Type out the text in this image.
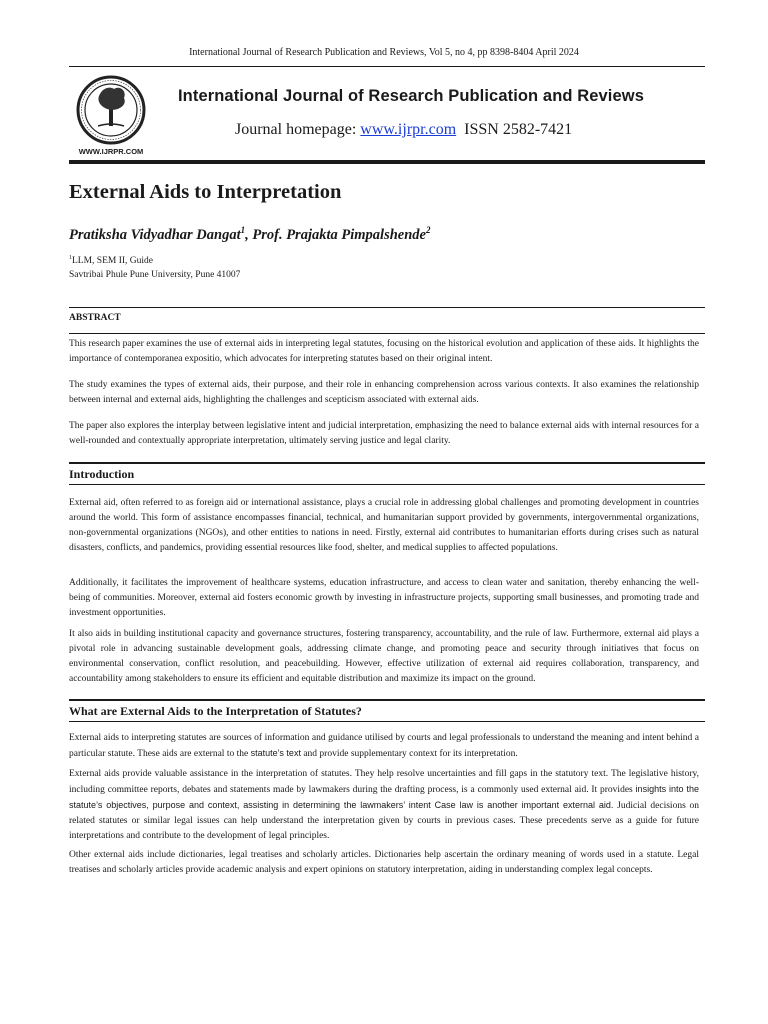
International Journal of Research Publication and Reviews, Vol 5, no 4, pp 8398-8404 April 2024
WWW.IJRPR.COM
International Journal of Research Publication and Reviews
Journal homepage: www.ijrpr.com ISSN 2582-7421
External Aids to Interpretation
Pratiksha Vidyadhar Dangat$^1$, Prof. Prajakta Pimpalshende$^2$
$^1$LLM, SEM II, Guide
Savtribai Phule Pune University, Pune 41007
ABSTRACT

This research paper examines the use of external aids in interpreting legal statutes, focusing on the historical evolution and application of these aids. It highlights the importance of contemporanea expositio, which advocates for interpreting statutes based on their original intent.

The study examines the types of external aids, their purpose, and their role in enhancing comprehension across various contexts. It also examines the relationship between internal and external aids, highlighting the challenges and scepticism associated with external aids.

The paper also explores the interplay between legislative intent and judicial interpretation, emphasizing the need to balance external aids with internal resources for a well-rounded and contextually appropriate interpretation, ultimately serving justice and legal clarity.

Introduction

External aid, often referred to as foreign aid or international assistance, plays a crucial role in addressing global challenges and promoting development in countries around the world. This form of assistance encompasses financial, technical, and humanitarian support provided by governments, intergovernmental organizations, non-governmental organizations (NGOs), and other entities to nations in need. Firstly, external aid contributes to humanitarian efforts during crises such as natural disasters, conflicts, and pandemics, providing essential resources like food, shelter, and medical supplies to affected populations.

Additionally, it facilitates the improvement of healthcare systems, education infrastructure, and access to clean water and sanitation, thereby enhancing the well-being of communities. Moreover, external aid fosters economic growth by investing in infrastructure projects, supporting small businesses, and promoting trade and investment opportunities.

It also aids in building institutional capacity and governance structures, fostering transparency, accountability, and the rule of law. Furthermore, external aid plays a pivotal role in advancing sustainable development goals, addressing climate change, and promoting peace and security through initiatives that focus on environmental conservation, conflict resolution, and peacebuilding. However, effective utilization of external aid requires collaboration, transparency, and accountability among stakeholders to ensure its efficient and equitable distribution and maximize its impact on the ground.

What are External Aids to the Interpretation of Statutes?

External aids to interpreting statutes are sources of information and guidance utilised by courts and legal professionals to understand the meaning and intent behind a particular statute. These aids are external to the statute’s text and provide supplementary context for its interpretation.

External aids provide valuable assistance in the interpretation of statutes. They help resolve uncertainties and fill gaps in the statutory text. The legislative history, including committee reports, debates and statements made by lawmakers during the drafting process, is a commonly used external aid. It provides insights into the statute’s objectives, purpose and context, assisting in determining the lawmakers’ intent Case law is another important external aid. Judicial decisions on related statutes or similar legal issues can help understand the interpretation given by courts in previous cases. These precedents serve as a guide for future interpretations and contribute to the development of legal principles.

Other external aids include dictionaries, legal treatises and scholarly articles. Dictionaries help ascertain the ordinary meaning of words used in a statute. Legal treatises and scholarly articles provide academic analysis and expert opinions on statutory interpretation, aiding in understanding complex legal concepts.
